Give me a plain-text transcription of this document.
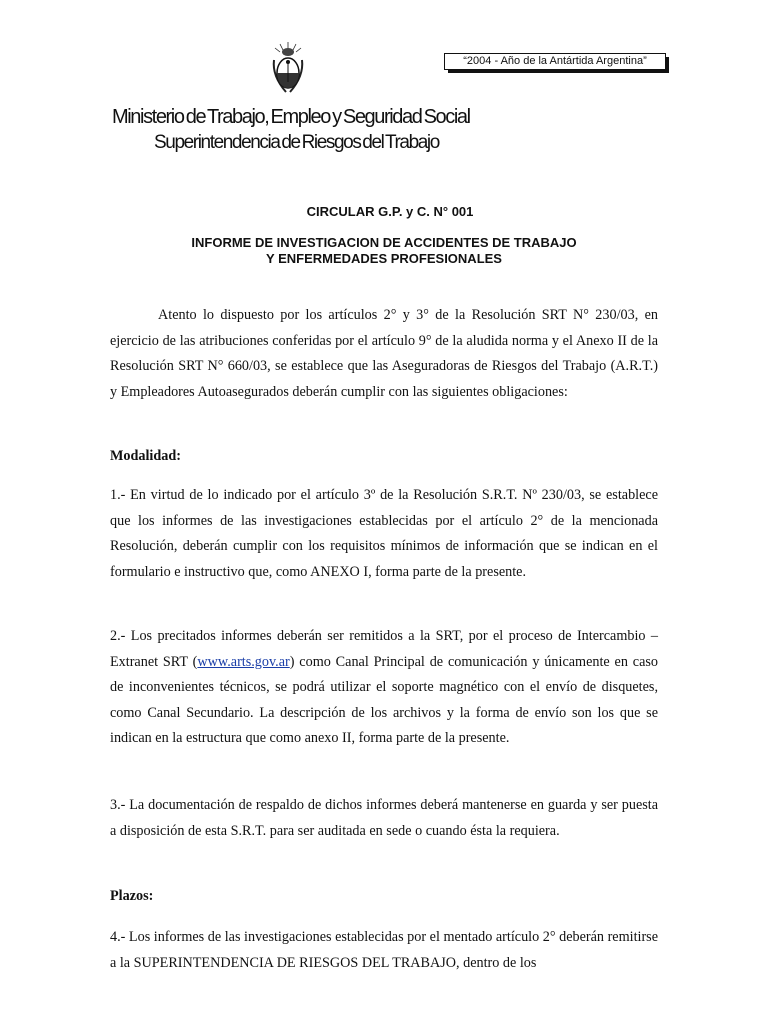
“2004 - Año de la Antártida Argentina”
Ministerio de Trabajo, Empleo y Seguridad Social
Superintendencia de Riesgos del Trabajo
CIRCULAR G.P. y C. N° 001
INFORME DE INVESTIGACION DE ACCIDENTES DE TRABAJO
Y ENFERMEDADES PROFESIONALES
Atento lo dispuesto por los artículos 2° y 3° de la Resolución SRT N° 230/03, en ejercicio de las atribuciones conferidas por el artículo 9° de la aludida norma y el Anexo II de la Resolución SRT N° 660/03, se establece que las Aseguradoras de Riesgos del Trabajo (A.R.T.) y Empleadores Autoasegurados deberán cumplir con las siguientes obligaciones:
Modalidad:
1.- En virtud de lo indicado por el artículo 3º de la Resolución S.R.T. Nº 230/03, se establece que los informes de las investigaciones establecidas por el artículo 2° de la mencionada Resolución, deberán cumplir con los requisitos mínimos de información que se indican en el formulario e instructivo que, como ANEXO I, forma parte de la presente.
2.- Los precitados informes deberán ser remitidos a la SRT, por el proceso de Intercambio – Extranet SRT (www.arts.gov.ar) como Canal Principal de comunicación y únicamente en caso de inconvenientes técnicos, se podrá utilizar el soporte magnético con el envío de disquetes, como Canal Secundario. La descripción de los archivos y la forma de envío son los que se indican en la estructura que como anexo II, forma parte de la presente.
3.- La documentación de respaldo de dichos informes deberá mantenerse en guarda y ser puesta a disposición de esta S.R.T. para ser auditada en sede o cuando ésta la requiera.
Plazos:
4.- Los informes de las investigaciones establecidas por el mentado artículo 2° deberán remitirse a la SUPERINTENDENCIA DE RIESGOS DEL TRABAJO, dentro de los
